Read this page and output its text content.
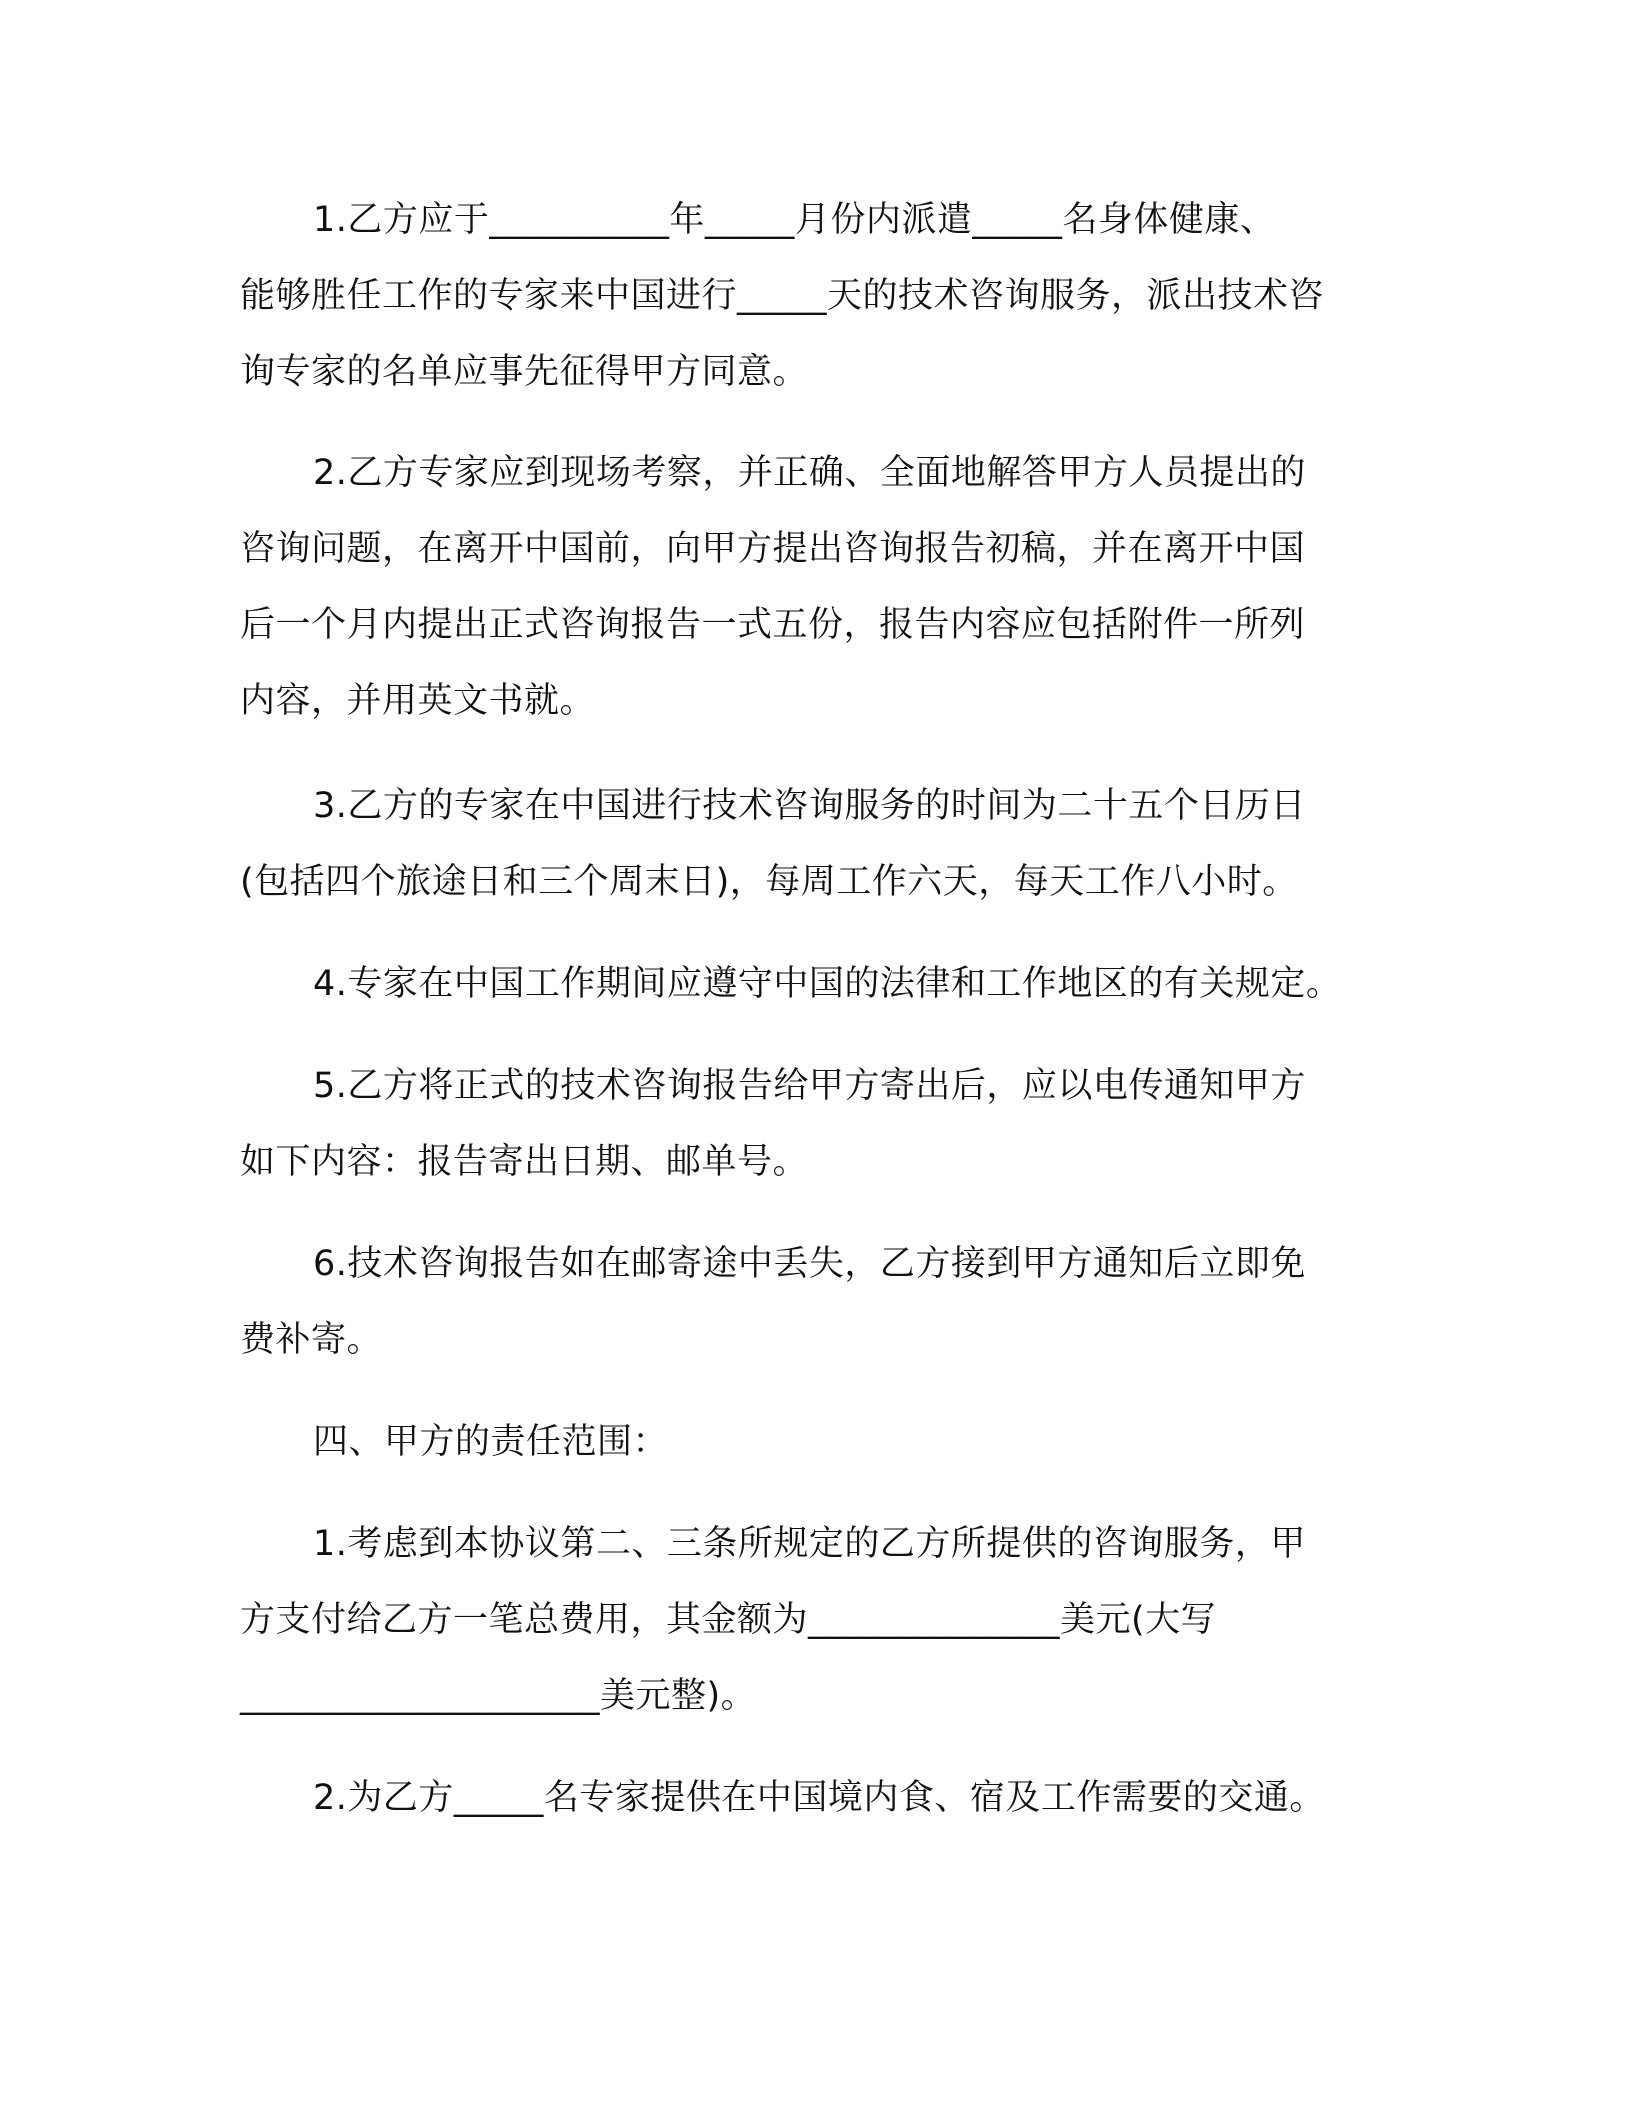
1.乙方应于__________年_____月份内派遣_____名身体健康、

能够胜任工作的专家来中国进行_____天的技术咨询服务，派出技术咨

询专家的名单应事先征得甲方同意。

2.乙方专家应到现场考察，并正确、全面地解答甲方人员提出的

咨询问题，在离开中国前，向甲方提出咨询报告初稿，并在离开中国

后一个月内提出正式咨询报告一式五份，报告内容应包括附件一所列

内容，并用英文书就。

3.乙方的专家在中国进行技术咨询服务的时间为二十五个日历日

(包括四个旅途日和三个周末日)，每周工作六天，每天工作八小时。

4.专家在中国工作期间应遵守中国的法律和工作地区的有关规定。

5.乙方将正式的技术咨询报告给甲方寄出后，应以电传通知甲方

如下内容：报告寄出日期、邮单号。

6.技术咨询报告如在邮寄途中丢失，乙方接到甲方通知后立即免

费补寄。

四、甲方的责任范围：

1.考虑到本协议第二、三条所规定的乙方所提供的咨询服务，甲

方支付给乙方一笔总费用，其金额为______________美元(大写

____________________美元整)。

2.为乙方_____名专家提供在中国境内食、宿及工作需要的交通。
